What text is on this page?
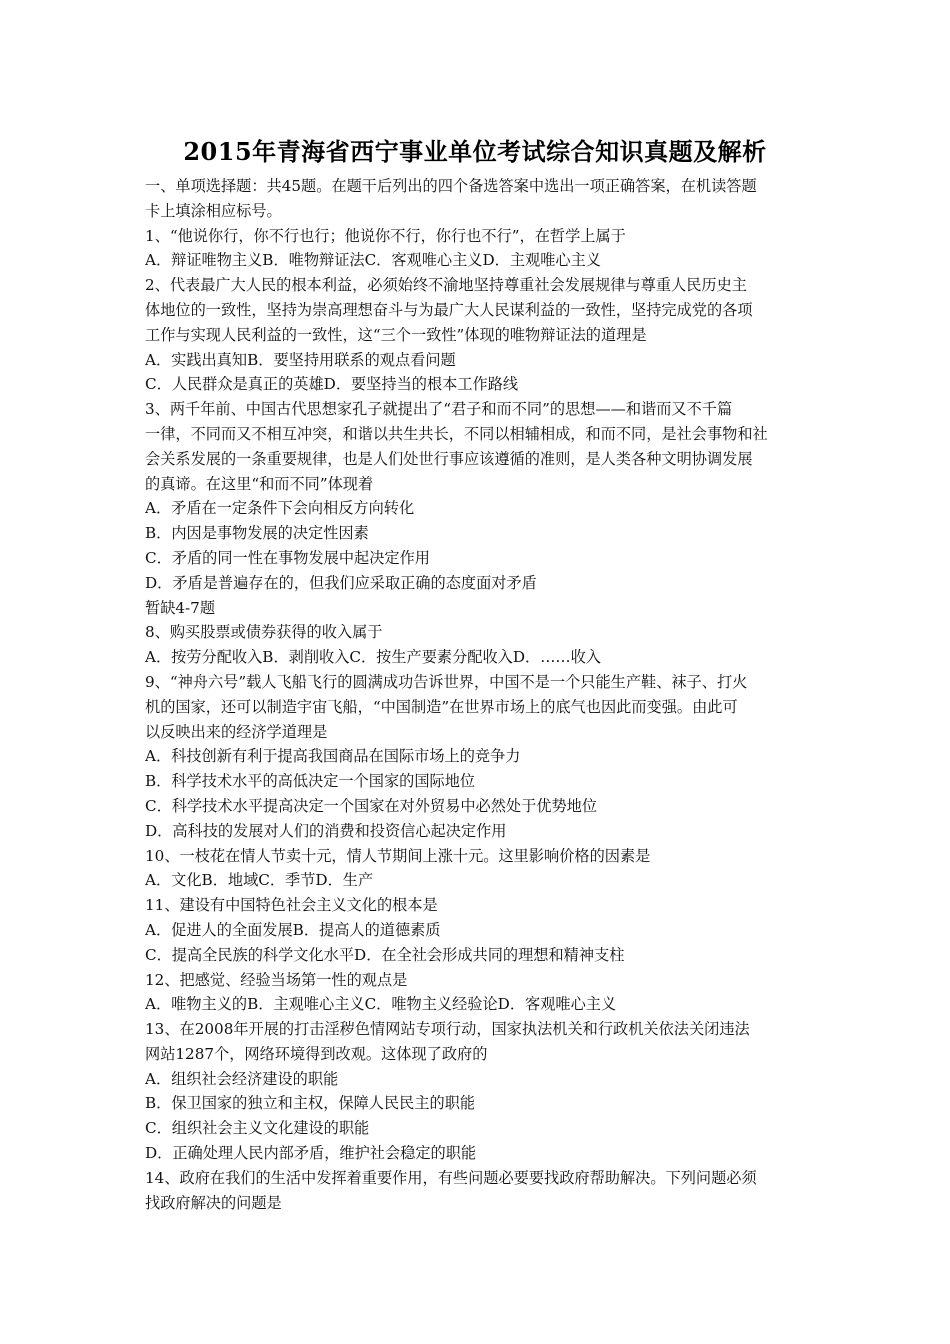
2015年青海省西宁事业单位考试综合知识真题及解析

一、单项选择题：共45题。在题干后列出的四个备选答案中选出一项正确答案，在机读答题

卡上填涂相应标号。

1、“他说你行，你不行也行；他说你不行，你行也不行”，在哲学上属于

A．辩证唯物主义B．唯物辩证法C．客观唯心主义D．主观唯心主义

2、代表最广大人民的根本利益，必须始终不渝地坚持尊重社会发展规律与尊重人民历史主

体地位的一致性，坚持为崇高理想奋斗与为最广大人民谋利益的一致性，坚持完成党的各项

工作与实现人民利益的一致性，这“三个一致性”体现的唯物辩证法的道理是

A．实践出真知B．要坚持用联系的观点看问题

C．人民群众是真正的英雄D．要坚持当的根本工作路线

3、两千年前、中国古代思想家孔子就提出了“君子和而不同”的思想——和谐而又不千篇

一律，不同而又不相互冲突，和谐以共生共长，不同以相辅相成，和而不同，是社会事物和社

会关系发展的一条重要规律，也是人们处世行事应该遵循的准则，是人类各种文明协调发展

的真谛。在这里“和而不同”体现着

A．矛盾在一定条件下会向相反方向转化

B．内因是事物发展的决定性因素

C．矛盾的同一性在事物发展中起决定作用

D．矛盾是普遍存在的，但我们应采取正确的态度面对矛盾

暂缺4-7题

8、购买股票或债券获得的收入属于

A．按劳分配收入B．剥削收入C．按生产要素分配收入D．……收入

9、“神舟六号”载人飞船飞行的圆满成功告诉世界，中国不是一个只能生产鞋、袜子、打火

机的国家，还可以制造宇宙飞船，“中国制造”在世界市场上的底气也因此而变强。由此可

以反映出来的经济学道理是

A．科技创新有利于提高我国商品在国际市场上的竞争力

B．科学技术水平的高低决定一个国家的国际地位

C．科学技术水平提高决定一个国家在对外贸易中必然处于优势地位

D．高科技的发展对人们的消费和投资信心起决定作用

10、一枝花在情人节卖十元，情人节期间上涨十元。这里影响价格的因素是

A．文化B．地域C．季节D．生产

11、建设有中国特色社会主义文化的根本是

A．促进人的全面发展B．提高人的道德素质

C．提高全民族的科学文化水平D．在全社会形成共同的理想和精神支柱

12、把感觉、经验当场第一性的观点是

A．唯物主义的B．主观唯心主义C．唯物主义经验论D．客观唯心主义

13、在2008年开展的打击淫秽色情网站专项行动，国家执法机关和行政机关依法关闭违法

网站1287个，网络环境得到改观。这体现了政府的

A．组织社会经济建设的职能

B．保卫国家的独立和主权，保障人民民主的职能

C．组织社会主义文化建设的职能

D．正确处理人民内部矛盾，维护社会稳定的职能

14、政府在我们的生活中发挥着重要作用，有些问题必要要找政府帮助解决。下列问题必须

找政府解决的问题是
